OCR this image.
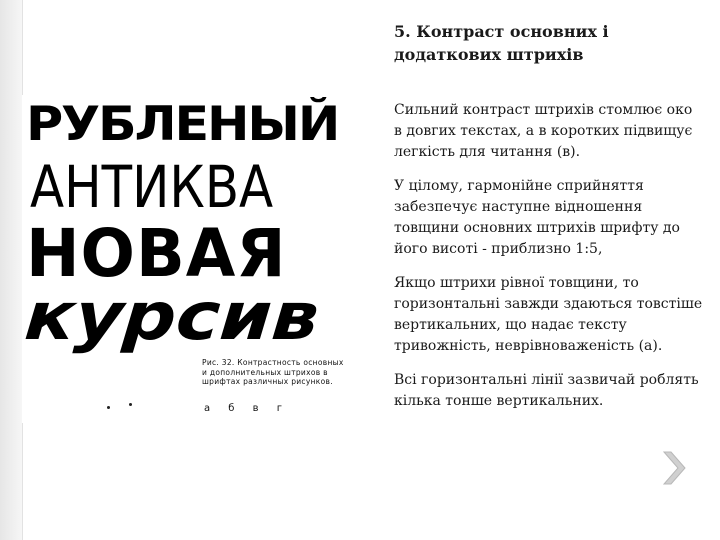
5. Контраст основних і додаткових штрихів
РУБЛЕНЫЙ
АНТИКВА
НОВАЯ
курсив
Рис. 32. Контрастность основных
и дополнительных штрихов в
шрифтах различных рисунков.
а б в г

Сильний контраст штрихів стомлює око в довгих текстах, а в коротких підвищує легкість для читання (в).

У цілому, гармонійне сприйняття забезпечує наступне відношення товщини основних штрихів шрифту до його висоті - приблизно 1:5,

Якщо штрихи рівної товщини, то горизонтальні завжди здаються товстіше вертикальних, що надає тексту тривожність, неврівноваженість (а).

Всі горизонтальні лінії зазвичай роблять кілька тонше вертикальних.
